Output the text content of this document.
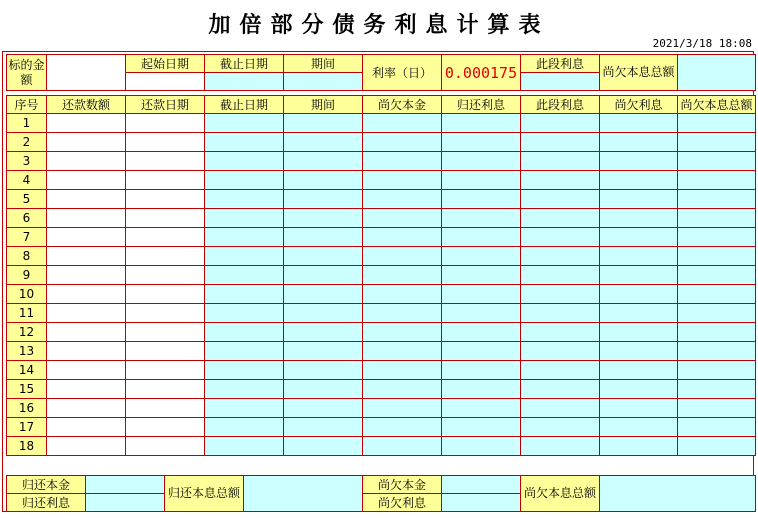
加倍部分债务利息计算表
2021/3/18 18:08
标的金额		起始日期	截止日期	期间	利率（日）	0.000175	此段利息	尚欠本息总额	

序号	还款数额	还款日期	截止日期	期间	尚欠本金	归还利息	此段利息	尚欠利息	尚欠本息总额
1									
2									
3									
4									
5									
6									
7									
8									
9									
10									
11									
12									
13									
14									
15									
16									
17									
18									
归还本金		归还本息总额		尚欠本金		尚欠本息总额	
归还利息				尚欠利息			
